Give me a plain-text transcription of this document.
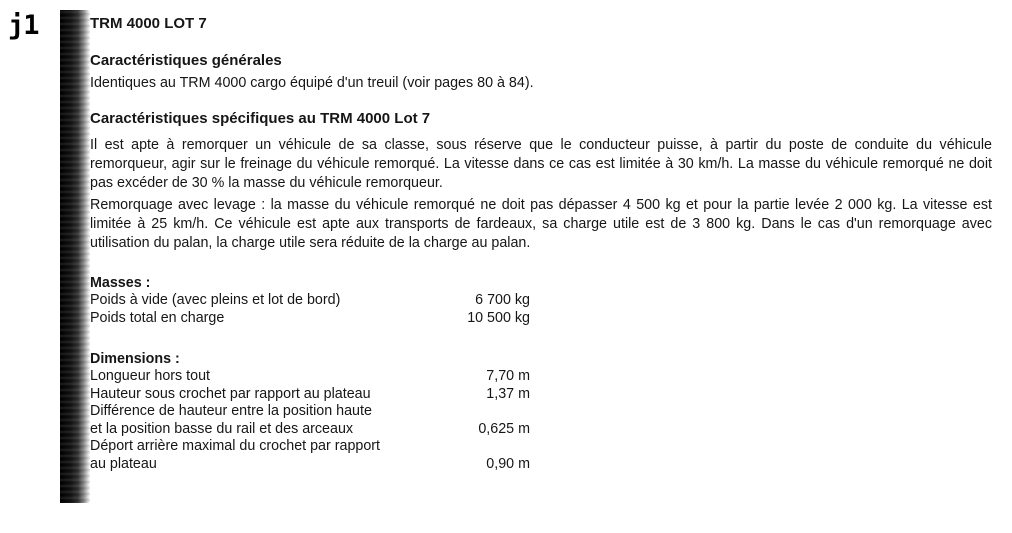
j1	TRM 4000 LOT 7
Caractéristiques générales

Identiques au TRM 4000 cargo équipé d'un treuil (voir pages 80 à 84).

Caractéristiques spécifiques au TRM 4000 Lot 7

Il est apte à remorquer un véhicule de sa classe, sous réserve que le conducteur puisse, à partir du poste de conduite du véhicule remorqueur, agir sur le freinage du véhicule remorqué. La vitesse dans ce cas est limitée à 30 km/h. La masse du véhicule remorqué ne doit pas excéder de 30 % la masse du véhicule remorqueur.

Remorquage avec levage : la masse du véhicule remorqué ne doit pas dépasser 4 500 kg et pour la partie levée 2 000 kg. La vitesse est limitée à 25 km/h. Ce véhicule est apte aux transports de fardeaux, sa charge utile est de 3 800 kg. Dans le cas d'un remorquage avec utilisation du palan, la charge utile sera réduite de la charge au palan.

Masses :
Poids à vide (avec pleins et lot de bord)	6 700 kg
Poids total en charge	10 500 kg
Dimensions :
Longueur hors tout	7,70 m
Hauteur sous crochet par rapport au plateau	1,37 m
Différence de hauteur entre la position haute	
et la position basse du rail et des arceaux	0,625 m
Déport arrière maximal du crochet par rapport	
au plateau	0,90 m
